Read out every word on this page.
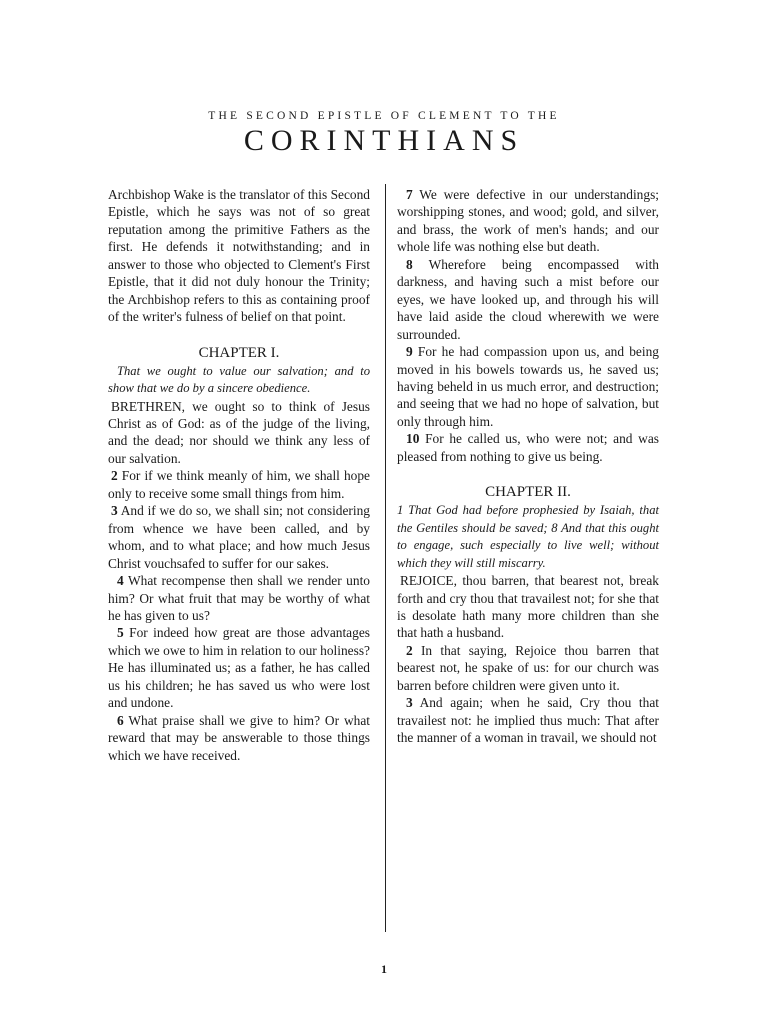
THE SECOND EPISTLE OF CLEMENT TO THE
CORINTHIANS

Archbishop Wake is the translator of this Second Epistle, which he says was not of so great reputation among the primitive Fathers as the first. He defends it notwithstanding; and in answer to those who objected to Clement's First Epistle, that it did not duly honour the Trinity; the Archbishop refers to this as containing proof of the writer's fulness of belief on that point.

CHAPTER I.

That we ought to value our salvation; and to show that we do by a sincere obedience.

BRETHREN, we ought so to think of Jesus Christ as of God: as of the judge of the living, and the dead; nor should we think any less of our salvation.

2 For if we think meanly of him, we shall hope only to receive some small things from him.

3 And if we do so, we shall sin; not considering from whence we have been called, and by whom, and to what place; and how much Jesus Christ vouchsafed to suffer for our sakes.

4 What recompense then shall we render unto him? Or what fruit that may be worthy of what he has given to us?

5 For indeed how great are those advantages which we owe to him in relation to our holiness? He has illuminated us; as a father, he has called us his children; he has saved us who were lost and undone.

6 What praise shall we give to him? Or what reward that may be answerable to those things which we have received.

7 We were defective in our understandings; worshipping stones, and wood; gold, and silver, and brass, the work of men's hands; and our whole life was nothing else but death.

8 Wherefore being encompassed with darkness, and having such a mist before our eyes, we have looked up, and through his will have laid aside the cloud wherewith we were surrounded.

9 For he had compassion upon us, and being moved in his bowels towards us, he saved us; having beheld in us much error, and destruction; and seeing that we had no hope of salvation, but only through him.

10 For he called us, who were not; and was pleased from nothing to give us being.

CHAPTER II.

1 That God had before prophesied by Isaiah, that the Gentiles should be saved; 8 And that this ought to engage, such especially to live well; without which they will still miscarry.

REJOICE, thou barren, that bearest not, break forth and cry thou that travailest not; for she that is desolate hath many more children than she that hath a husband.

2 In that saying, Rejoice thou barren that bearest not, he spake of us: for our church was barren before children were given unto it.

3 And again; when he said, Cry thou that travailest not: he implied thus much: That after the manner of a woman in travail, we should not

1
